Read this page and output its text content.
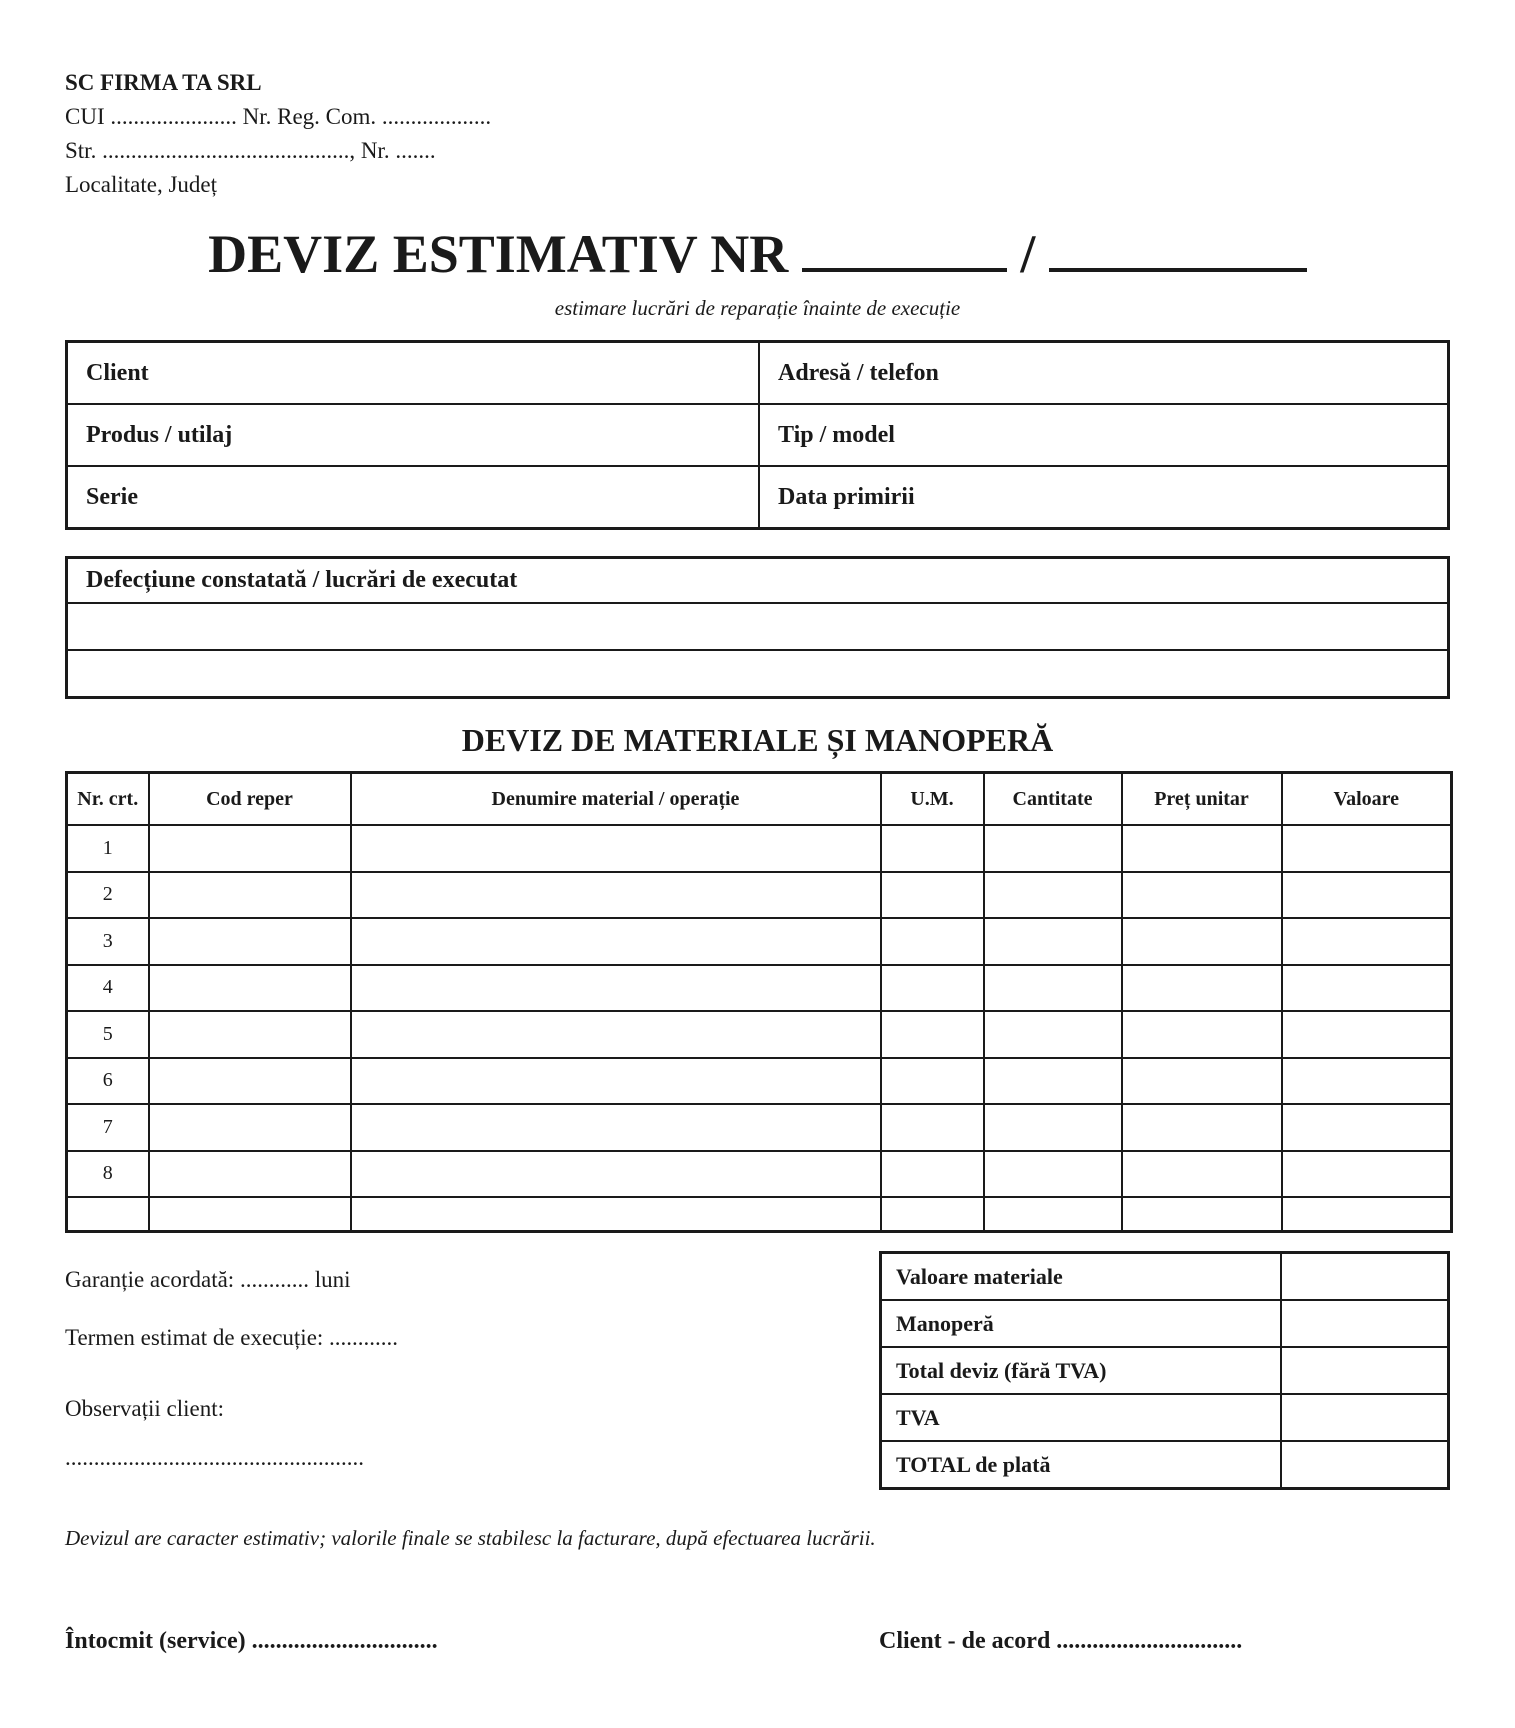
SC FIRMA TA SRL
CUI ...................... Nr. Reg. Com. ...................
Str. ..........................................., Nr. .......
Localitate, Județ
DEVIZ ESTIMATIV NR	/
estimare lucrări de reparație înainte de execuție
Client	Adresă / telefon
Produs / utilaj	Tip / model
Serie	Data primirii
Defecțiune constatată / lucrări de executat

DEVIZ DE MATERIALE ȘI MANOPERĂ
Nr. crt.	Cod reper	Denumire material / operație	U.M.	Cantitate	Preț unitar	Valoare
1						
2						
3						
4						
5						
6						
7						
8						

Garanție acordată: ............ luni
Termen estimat de execuție: ............
Observații client:
....................................................
Valoare materiale	
Manoperă	
Total deviz (fără TVA)	
TVA	
TOTAL de plată	
Devizul are caracter estimativ; valorile finale se stabilesc la facturare, după efectuarea lucrării.
Întocmit (service) ...............................	Client - de acord ...............................
